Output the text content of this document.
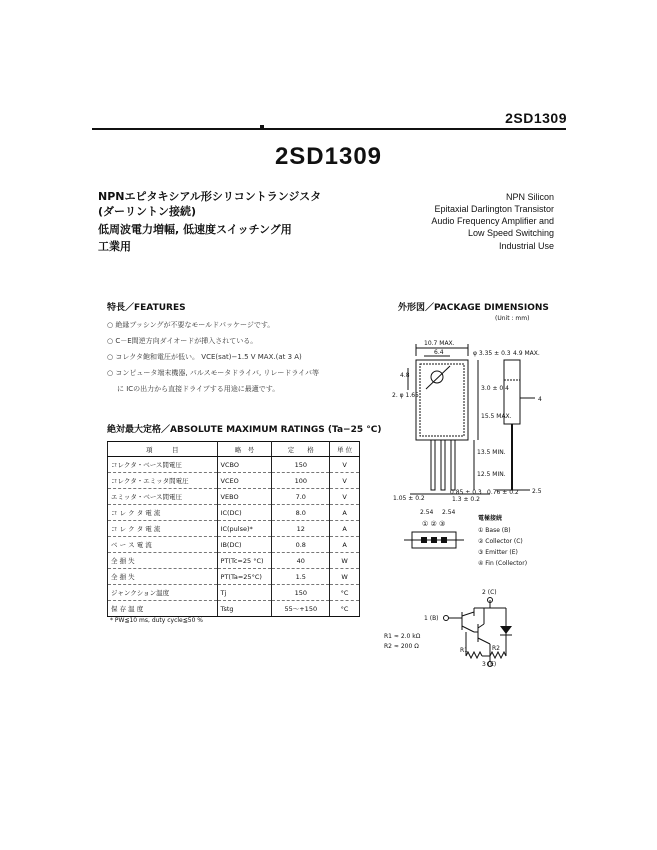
2SD1309
2SD1309
NPNエピタキシアル形シリコントランジスタ
(ダーリントン接続)
低周波電力増幅, 低速度スイッチング用
工業用
NPN Silicon
Epitaxial Darlington Transistor
Audio Frequency Amplifier and
Low Speed Switching
Industrial Use
特長／FEATURES
○ 絶縁ブッシングが不要なモールドパッケージです。
○ C－E間逆方向ダイオードが挿入されている。
○ コレクタ飽和電圧が低い。 VCE(sat)−1.5 V MAX.(at 3 A)
○ コンピュータ端末機器, パルスモータドライバ, リレードライバ等
に ICの出力から直接ドライブする用途に最適です。
絶対最大定格／ABSOLUTE MAXIMUM RATINGS (Ta−25 °C)
項　　　目	略　号	定　　格	単 位
コレクタ・ベース間電圧	VCBO	150	V
コレクタ・エミッタ間電圧	VCEO	100	V
エミッタ・ベース間電圧	VEBO	7.0	V
コ レ ク タ 電 流	IC(DC)	8.0	A
コ レ ク タ 電 流	IC(pulse)*	12	A
ベ ー ス 電 流	IB(DC)	0.8	A
全 損 失	PT(Tc=25 °C)	40	W
全 損 失	PT(Ta=25°C)	1.5	W
ジャンクション温度	Tj	150	°C
保 存 温 度	Tstg	55～+150	°C
* PW≦10 ms, duty cycle≦50 %
外形図／PACKAGE DIMENSIONS
(Unit : mm)
10.7 MAX.
6.4	φ 3.35 ± 0.3 4.9 MAX.
2. φ 1.65
3.0 ± 0.4
15.5 MAX.
13.5 MIN.
12.5 MIN.
1.05 ± 0.2
0.85 ± 0.3
1.3 ± 0.2
0.76 ± 0.2 2.5
2.54 2.54
4
4.8
① ② ③
電極接続
① Base (B)
② Collector (C)
③ Emitter (E)
④ Fin (Collector)
2 (C)
1 (B)
3 (E)
R1 ≈ 2.0 kΩ
R2 ≈ 200 Ω
R1	R2
